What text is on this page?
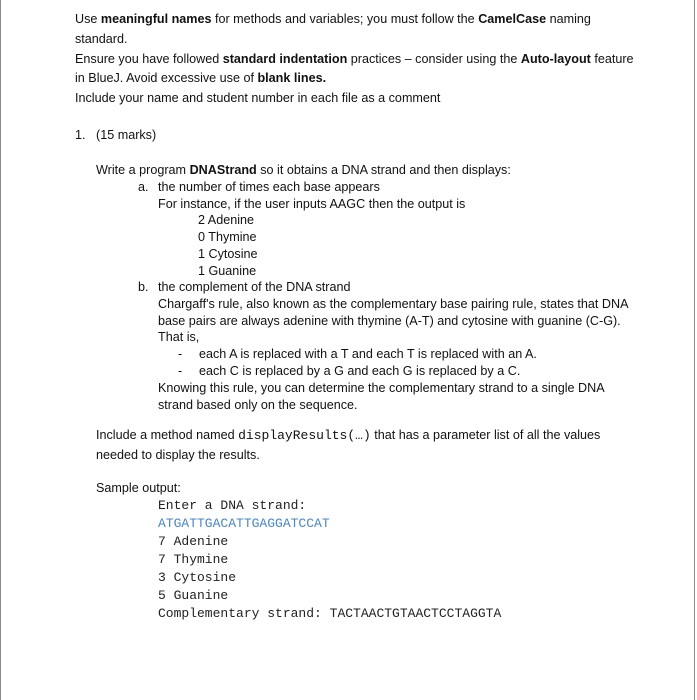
Use meaningful names for methods and variables; you must follow the CamelCase naming
standard.
Ensure you have followed standard indentation practices – consider using the Auto-layout feature
in BlueJ. Avoid excessive use of blank lines.
Include your name and student number in each file as a comment
1. (15 marks)
Write a program DNAStrand so it obtains a DNA strand and then displays:
a. the number of times each base appears
For instance, if the user inputs AAGC then the output is
2 Adenine
0 Thymine
1 Cytosine
1 Guanine
b. the complement of the DNA strand
Chargaff's rule, also known as the complementary base pairing rule, states that DNA
base pairs are always adenine with thymine (A-T) and cytosine with guanine (C-G).
That is,
- each A is replaced with a T and each T is replaced with an A.
- each C is replaced by a G and each G is replaced by a C.
Knowing this rule, you can determine the complementary strand to a single DNA
strand based only on the sequence.
Include a method named displayResults(…) that has a parameter list of all the values
needed to display the results.
Sample output:
Enter a DNA strand:
ATGATTGACATTGAGGATCCAT
7 Adenine
7 Thymine
3 Cytosine
5 Guanine
Complementary strand: TACTAACTGTAACTCCTAGGTA
